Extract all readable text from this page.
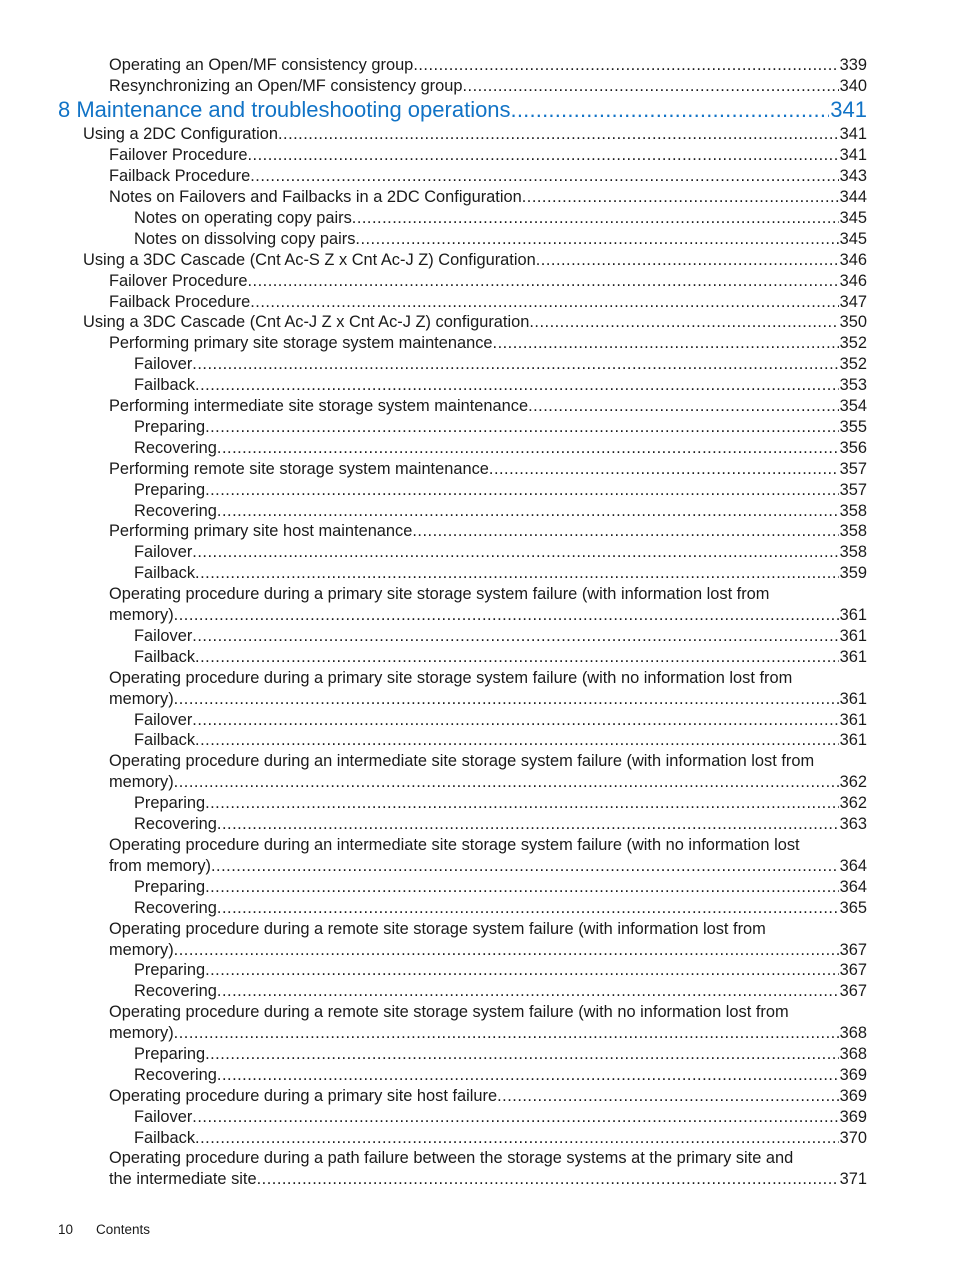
Operating an Open/MF consistency group .....	339
Resynchronizing an Open/MF consistency group .....	340
8 Maintenance and troubleshooting operations .....	341
Using a 2DC Configuration .....	341
Failover Procedure .....	341
Failback Procedure .....	343
Notes on Failovers and Failbacks in a 2DC Configuration .....	344
Notes on operating copy pairs .....	345
Notes on dissolving copy pairs .....	345
Using a 3DC Cascade (Cnt Ac-S Z x Cnt Ac-J Z) Configuration .....	346
Failover Procedure .....	346
Failback Procedure .....	347
Using a 3DC Cascade (Cnt Ac-J Z x Cnt Ac-J Z) configuration .....	350
Performing primary site storage system maintenance .....	352
Failover .....	352
Failback .....	353
Performing intermediate site storage system maintenance .....	354
Preparing .....	355
Recovering .....	356
Performing remote site storage system maintenance .....	357
Preparing .....	357
Recovering .....	358
Performing primary site host maintenance .....	358
Failover .....	358
Failback .....	359
Operating procedure during a primary site storage system failure (with information lost from
memory) .....	361
Failover .....	361
Failback .....	361
Operating procedure during a primary site storage system failure (with no information lost from
memory) .....	361
Failover .....	361
Failback .....	361
Operating procedure during an intermediate site storage system failure (with information lost from
memory) .....	362
Preparing .....	362
Recovering .....	363
Operating procedure during an intermediate site storage system failure (with no information lost
from memory) .....	364
Preparing .....	364
Recovering .....	365
Operating procedure during a remote site storage system failure (with information lost from
memory) .....	367
Preparing .....	367
Recovering .....	367
Operating procedure during a remote site storage system failure (with no information lost from
memory) .....	368
Preparing .....	368
Recovering .....	369
Operating procedure during a primary site host failure .....	369
Failover .....	369
Failback .....	370
Operating procedure during a path failure between the storage systems at the primary site and
the intermediate site .....	371
10 Contents
